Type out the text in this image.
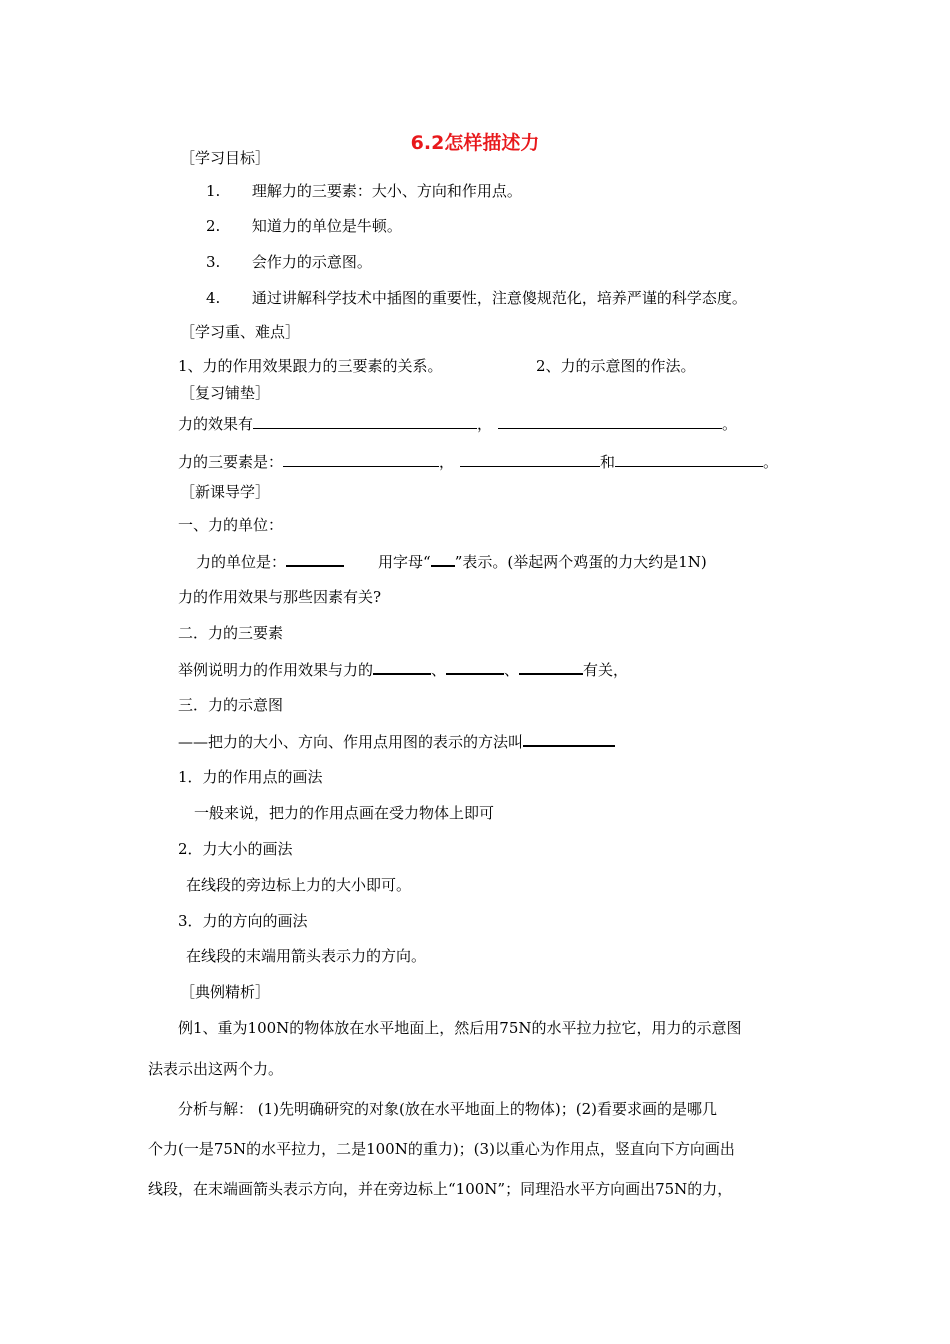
6.2怎样描述力
［学习目标］
1. 理解力的三要素：大小、方向和作用点。
2. 知道力的单位是牛顿。
3. 会作力的示意图。
4. 通过讲解科学技术中插图的重要性，注意傻规范化，培养严谨的科学态度。
［学习重、难点］
1、力的作用效果跟力的三要素的关系。	2、力的示意图的作法。
［复习铺垫］
力的效果有	，	。
力的三要素是：	，	和	。
［新课导学］
一、力的单位：
力的单位是：	用字母“ ”表示。(举起两个鸡蛋的力大约是1N)
力的作用效果与那些因素有关?
二．力的三要素
举例说明力的作用效果与力的	、	、	有关，
三．力的示意图
——把力的大小、方向、作用点用图的表示的方法叫
1．力的作用点的画法
一般来说，把力的作用点画在受力物体上即可
2．力大小的画法
在线段的旁边标上力的大小即可。
3．力的方向的画法
在线段的末端用箭头表示力的方向。
［典例精析］
例1、重为100N的物体放在水平地面上，然后用75N的水平拉力拉它，用力的示意图
法表示出这两个力。
分析与解： (1)先明确研究的对象(放在水平地面上的物体)；(2)看要求画的是哪几
个力(一是75N的水平拉力，二是100N的重力)；(3)以重心为作用点，竖直向下方向画出
线段，在末端画箭头表示方向，并在旁边标上“100N”；同理沿水平方向画出75N的力，
